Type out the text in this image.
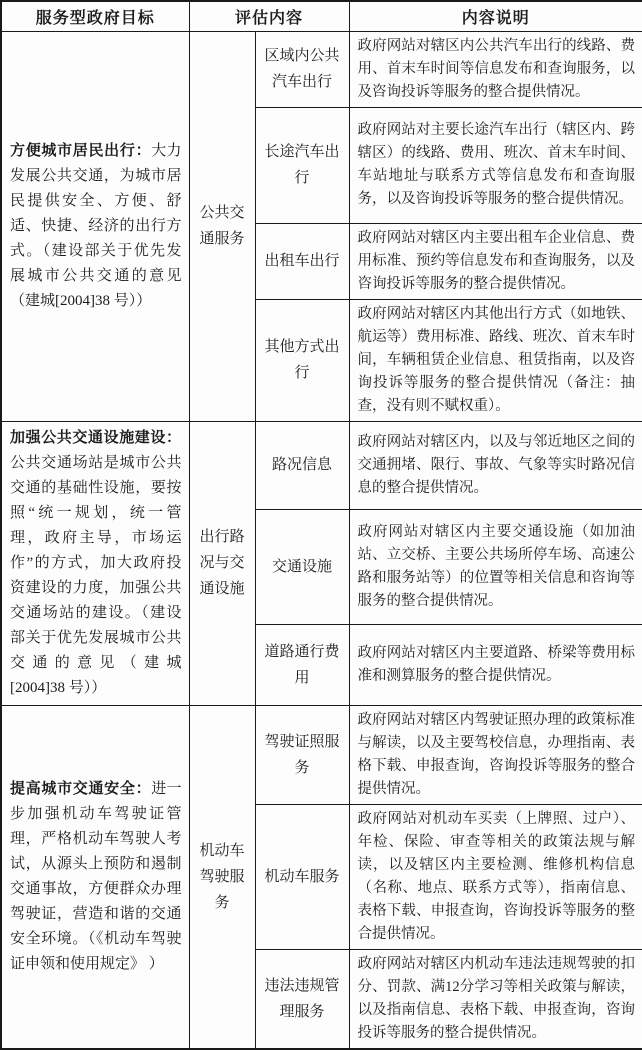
服务型政府目标	评估内容		内容说明
方便城市居民出行：大力发展公共交通，为城市居民提供安全、方便、舒适、快捷、经济的出行方式。（建设部关于优先发展城市公共交通的意见（建城[2004]38 号））	公共交通服务	区域内公共汽车出行	政府网站对辖区内公共汽车出行的线路、费用、首末车时间等信息发布和查询服务，以及咨询投诉等服务的整合提供情况。
		长途汽车出行	政府网站对主要长途汽车出行（辖区内、跨辖区）的线路、费用、班次、首末车时间、车站地址与联系方式等信息发布和查询服务，以及咨询投诉等服务的整合提供情况。
		出租车出行	政府网站对辖区内主要出租车企业信息、费用标准、预约等信息发布和查询服务，以及咨询投诉等服务的整合提供情况。
		其他方式出行	政府网站对辖区内其他出行方式（如地铁、航运等）费用标准、路线、班次、首末车时间，车辆租赁企业信息、租赁指南，以及咨询投诉等服务的整合提供情况（备注：抽查，没有则不赋权重）。
加强公共交通设施建设：公共交通场站是城市公共交通的基础性设施，要按照“统一规划，统一管理，政府主导，市场运作”的方式，加大政府投资建设的力度，加强公共交通场站的建设。（建设部关于优先发展城市公共交通的意见（建城[2004]38 号））	出行路况与交通设施	路况信息	政府网站对辖区内，以及与邻近地区之间的交通拥堵、限行、事故、气象等实时路况信息的整合提供情况。
		交通设施	政府网站对辖区内主要交通设施（如加油站、立交桥、主要公共场所停车场、高速公路和服务站等）的位置等相关信息和咨询等服务的整合提供情况。
		道路通行费用	政府网站对辖区内主要道路、桥梁等费用标准和测算服务的整合提供情况。
提高城市交通安全：进一步加强机动车驾驶证管理，严格机动车驾驶人考试，从源头上预防和遏制交通事故，方便群众办理驾驶证，营造和谐的交通安全环境。（《机动车驾驶证申领和使用规定》 ）	机动车驾驶服务	驾驶证照服务	政府网站对辖区内驾驶证照办理的政策标准与解读，以及主要驾校信息，办理指南、表格下载、申报查询，咨询投诉等服务的整合提供情况。
		机动车服务	政府网站对机动车买卖（上牌照、过户）、年检、保险、审查等相关的政策法规与解读，以及辖区内主要检测、维修机构信息（名称、地点、联系方式等），指南信息、表格下载、申报查询，咨询投诉等服务的整合提供情况。
		违法违规管理服务	政府网站对辖区内机动车违法违规驾驶的扣分、罚款、满12分学习等相关政策与解读，以及指南信息、表格下载、申报查询，咨询投诉等服务的整合提供情况。
